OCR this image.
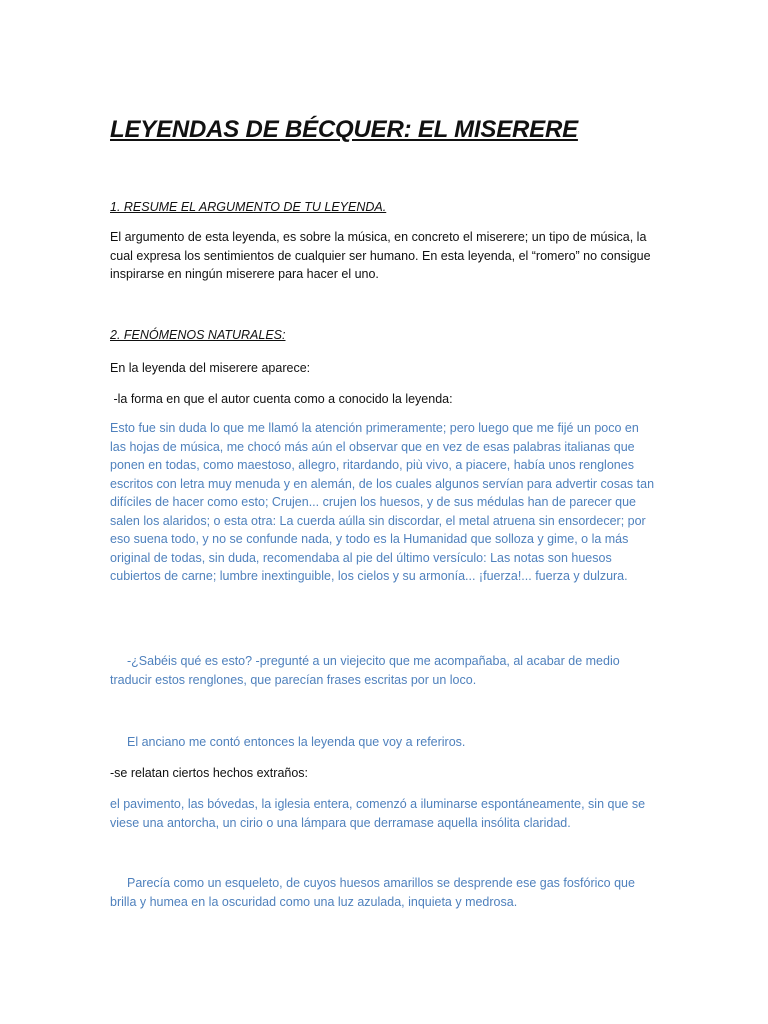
LEYENDAS DE BÉCQUER: EL MISERERE

1. RESUME EL ARGUMENTO DE TU LEYENDA.

El argumento de esta leyenda, es sobre la música, en concreto el miserere; un tipo de música, la cual expresa los sentimientos de cualquier ser humano. En esta leyenda, el “romero” no consigue inspirarse en ningún miserere para hacer el uno.

2. FENÓMENOS NATURALES:

En la leyenda del miserere aparece:

-la forma en que el autor cuenta como a conocido la leyenda:

Esto fue sin duda lo que me llamó la atención primeramente; pero luego que me fijé un poco en las hojas de música, me chocó más aún el observar que en vez de esas palabras italianas que ponen en todas, como maestoso, allegro, ritardando, più vivo, a piacere, había unos renglones escritos con letra muy menuda y en alemán, de los cuales algunos servían para advertir cosas tan difíciles de hacer como esto; Crujen... crujen los huesos, y de sus médulas han de parecer que salen los alaridos; o esta otra: La cuerda aúlla sin discordar, el metal atruena sin ensordecer; por eso suena todo, y no se confunde nada, y todo es la Humanidad que solloza y gime, o la más original de todas, sin duda, recomendaba al pie del último versículo: Las notas son huesos cubiertos de carne; lumbre inextinguible, los cielos y su armonía... ¡fuerza!... fuerza y dulzura.

-¿Sabéis qué es esto? -pregunté a un viejecito que me acompañaba, al acabar de medio traducir estos renglones, que parecían frases escritas por un loco.

El anciano me contó entonces la leyenda que voy a referiros.

-se relatan ciertos hechos extraños:

el pavimento, las bóvedas, la iglesia entera, comenzó a iluminarse espontáneamente, sin que se viese una antorcha, un cirio o una lámpara que derramase aquella insólita claridad.

Parecía como un esqueleto, de cuyos huesos amarillos se desprende ese gas fosfórico que brilla y humea en la oscuridad como una luz azulada, inquieta y medrosa.
